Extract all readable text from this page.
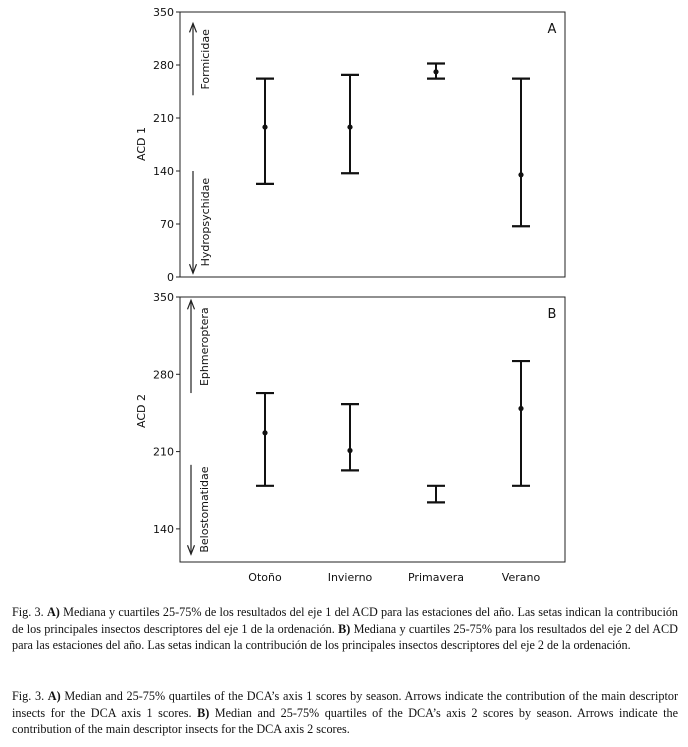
0
70
140
210
280
350
ACD 1
A
Formicidae
Hydropsychidae
140
210
280
350
ACD 2
B
Ephmeroptera
Belostomatidae
Otoño	Invierno	Primavera	Verano

Fig. 3. A) Mediana y cuartiles 25-75% de los resultados del eje 1 del ACD para las estaciones del año. Las setas indican la contribución de los principales insectos descriptores del eje 1 de la ordenación. B) Mediana y cuartiles 25-75% para los resultados del eje 2 del ACD para las estaciones del año. Las setas indican la contribución de los principales insectos descriptores del eje 2 de la ordenación.

Fig. 3. A) Median and 25-75% quartiles of the DCA’s axis 1 scores by season. Arrows indicate the contribution of the main descriptor insects for the DCA axis 1 scores. B) Median and 25-75% quartiles of the DCA’s axis 2 scores by season. Arrows indicate the contribution of the main descriptor insects for the DCA axis 2 scores.
